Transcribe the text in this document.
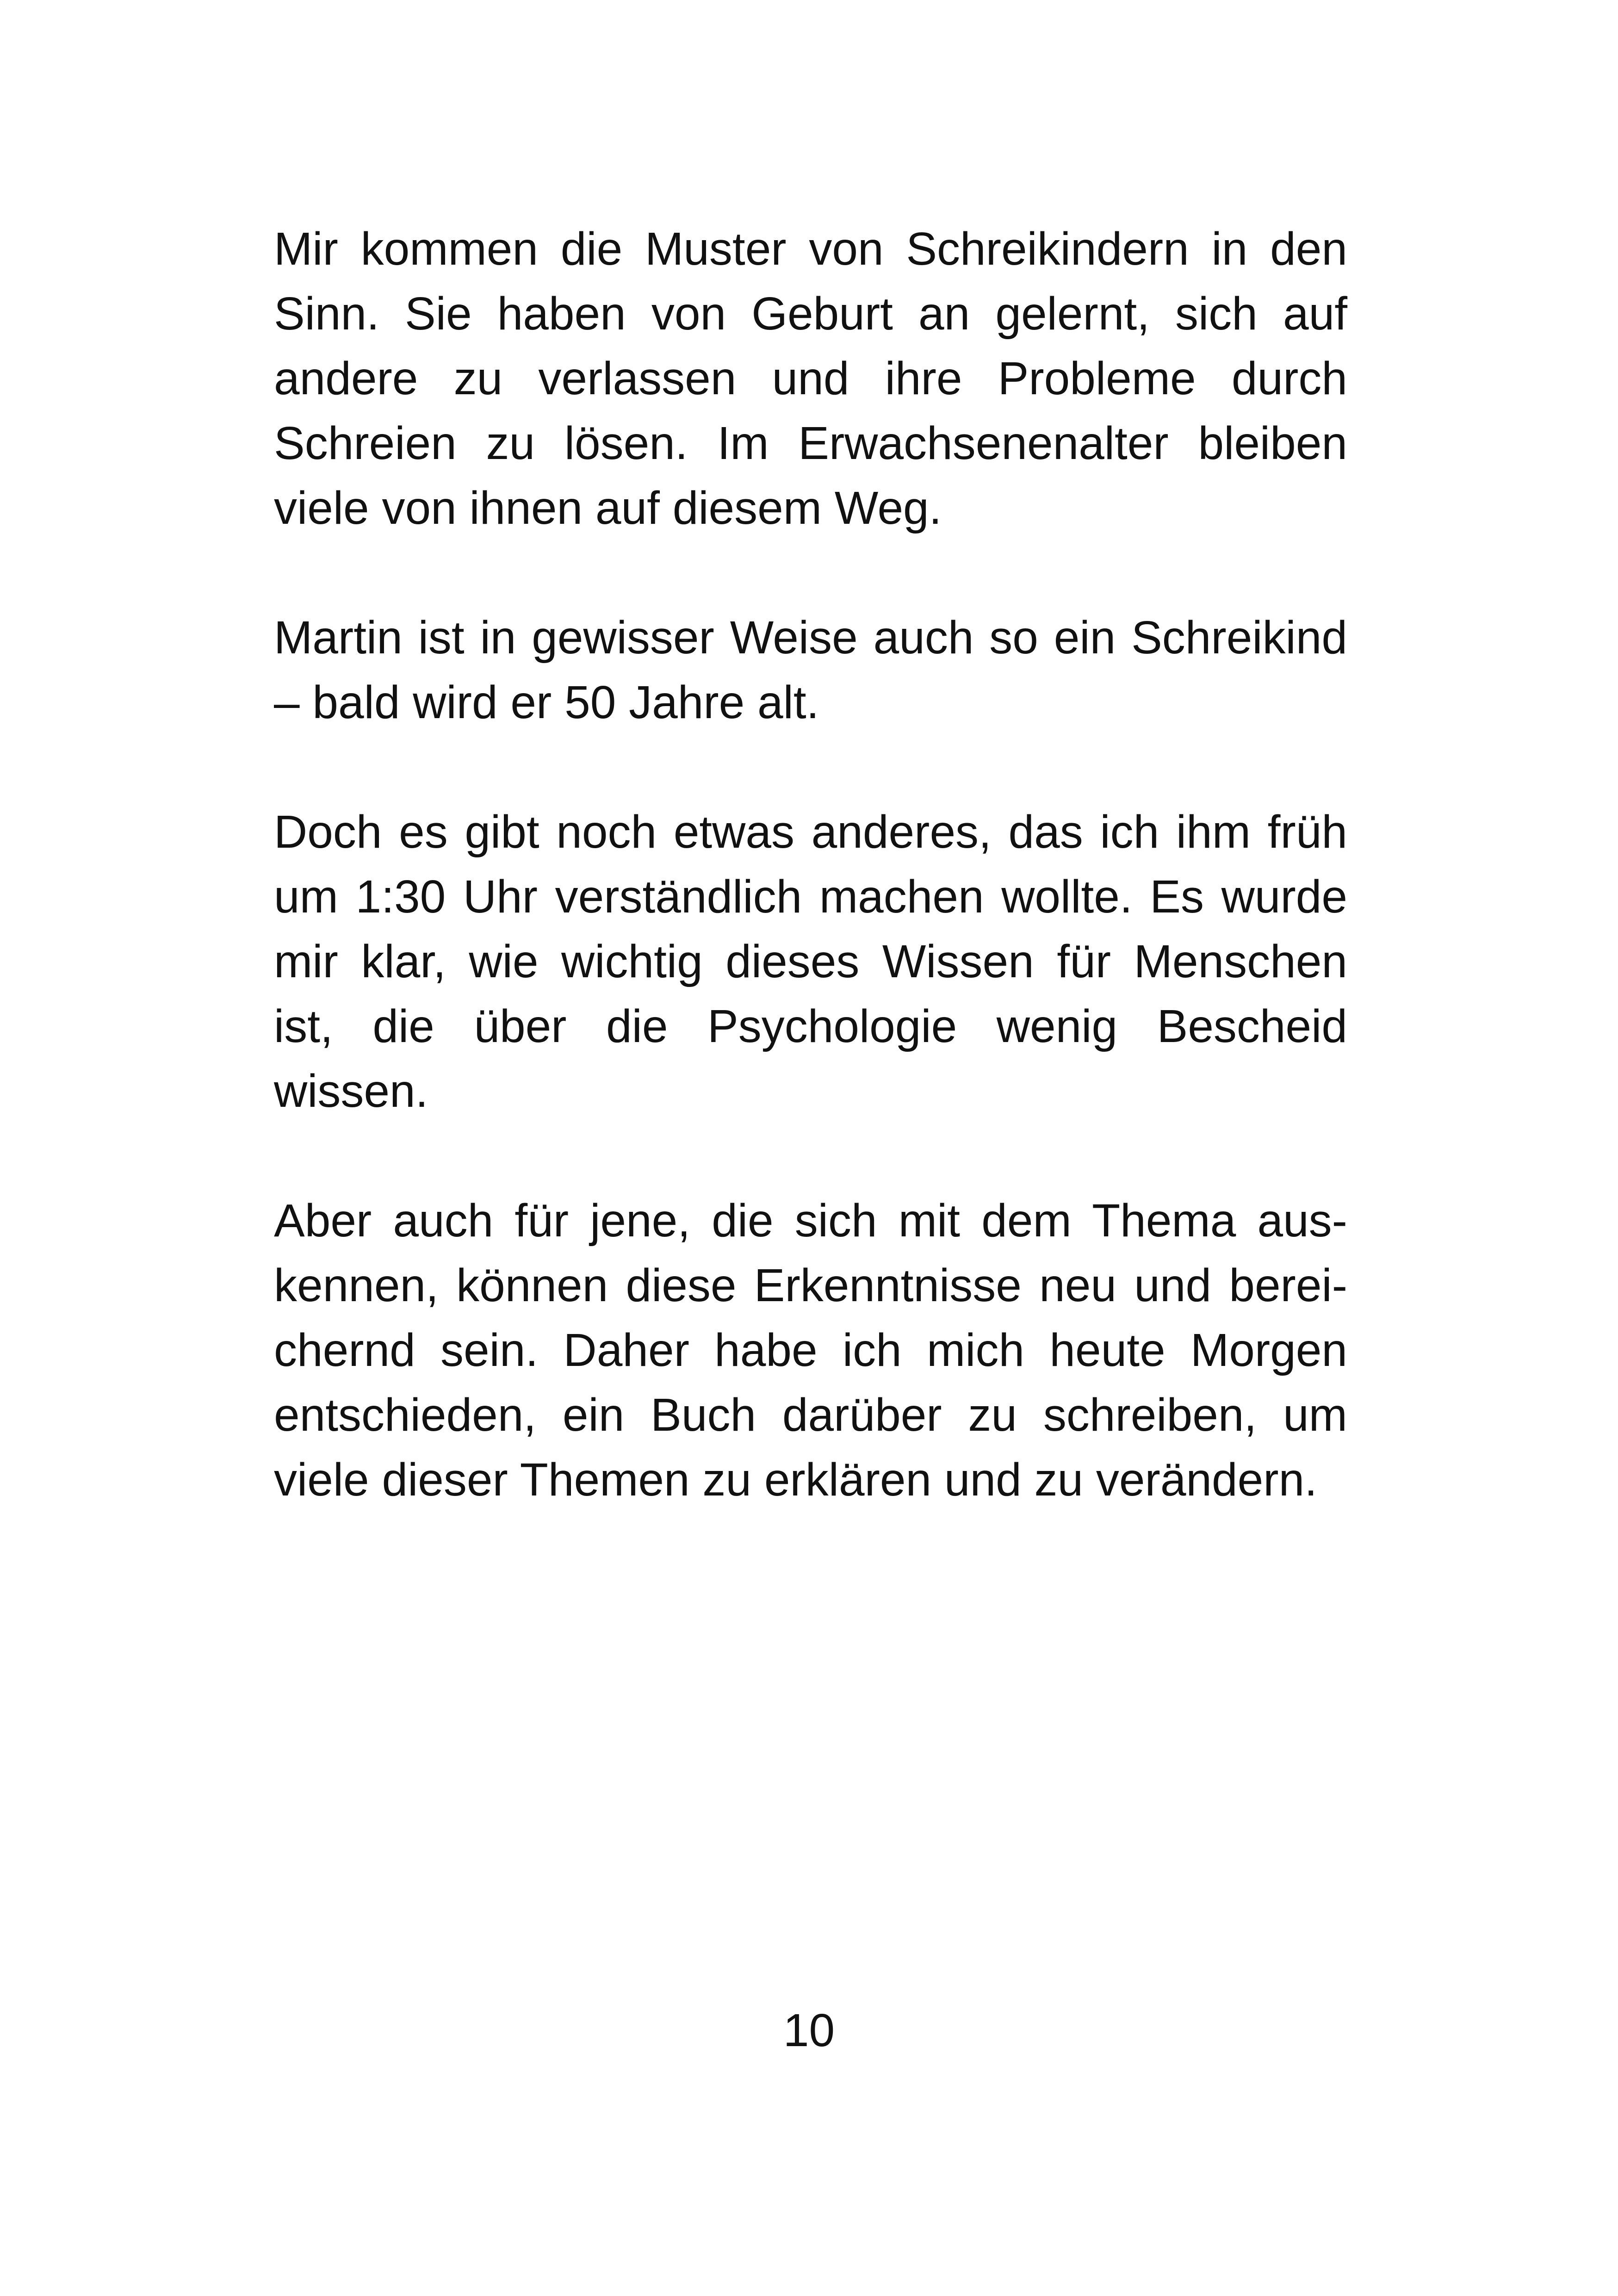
Mir kommen die Muster von Schreikindern in den
Sinn. Sie haben von Geburt an gelernt, sich auf
andere zu verlassen und ihre Probleme durch
Schreien zu lösen. Im Erwachsenenalter bleiben
viele von ihnen auf diesem Weg.

Martin ist in gewisser Weise auch so ein Schreikind
– bald wird er 50 Jahre alt.

Doch es gibt noch etwas anderes, das ich ihm früh
um 1:30 Uhr verständlich machen wollte. Es wurde
mir klar, wie wichtig dieses Wissen für Menschen
ist, die über die Psychologie wenig Bescheid
wissen.

Aber auch für jene, die sich mit dem Thema aus-
kennen, können diese Erkenntnisse neu und berei-
chernd sein. Daher habe ich mich heute Morgen
entschieden, ein Buch darüber zu schreiben, um
viele dieser Themen zu erklären und zu verändern.

10
